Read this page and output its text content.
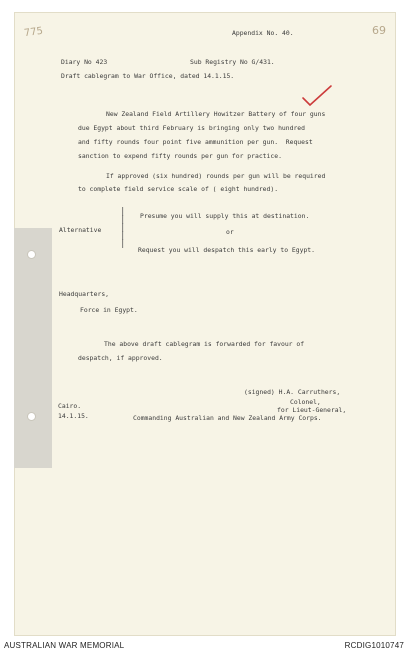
775	69
Appendix No. 40.
Diary No 423	Sub Registry No G/431.
Draft cablegram to War Office, dated 14.1.15.
New Zealand Field Artillery Howitzer Battery of four guns
due Egypt about third February is bringing only two hundred
and fifty rounds four point five ammunition per gun.  Request
sanction to expend fifty rounds per gun for practice.
If approved (six hundred) rounds per gun will be required
to complete field service scale of ( eight hundred).
Alternative
|
|
|
|
|
Presume you will supply this at destination.
or
Request you will despatch this early to Egypt.
Headquarters,
Force in Egypt.
The above draft cablegram is forwarded for favour of
despatch, if approved.
(signed) H.A. Carruthers,
Colonel,
Cairo.	for Lieut-General,
14.1.15.	Commanding Australian and New Zealand Army Corps.
AUSTRALIAN WAR MEMORIAL	RCDIG1010747
